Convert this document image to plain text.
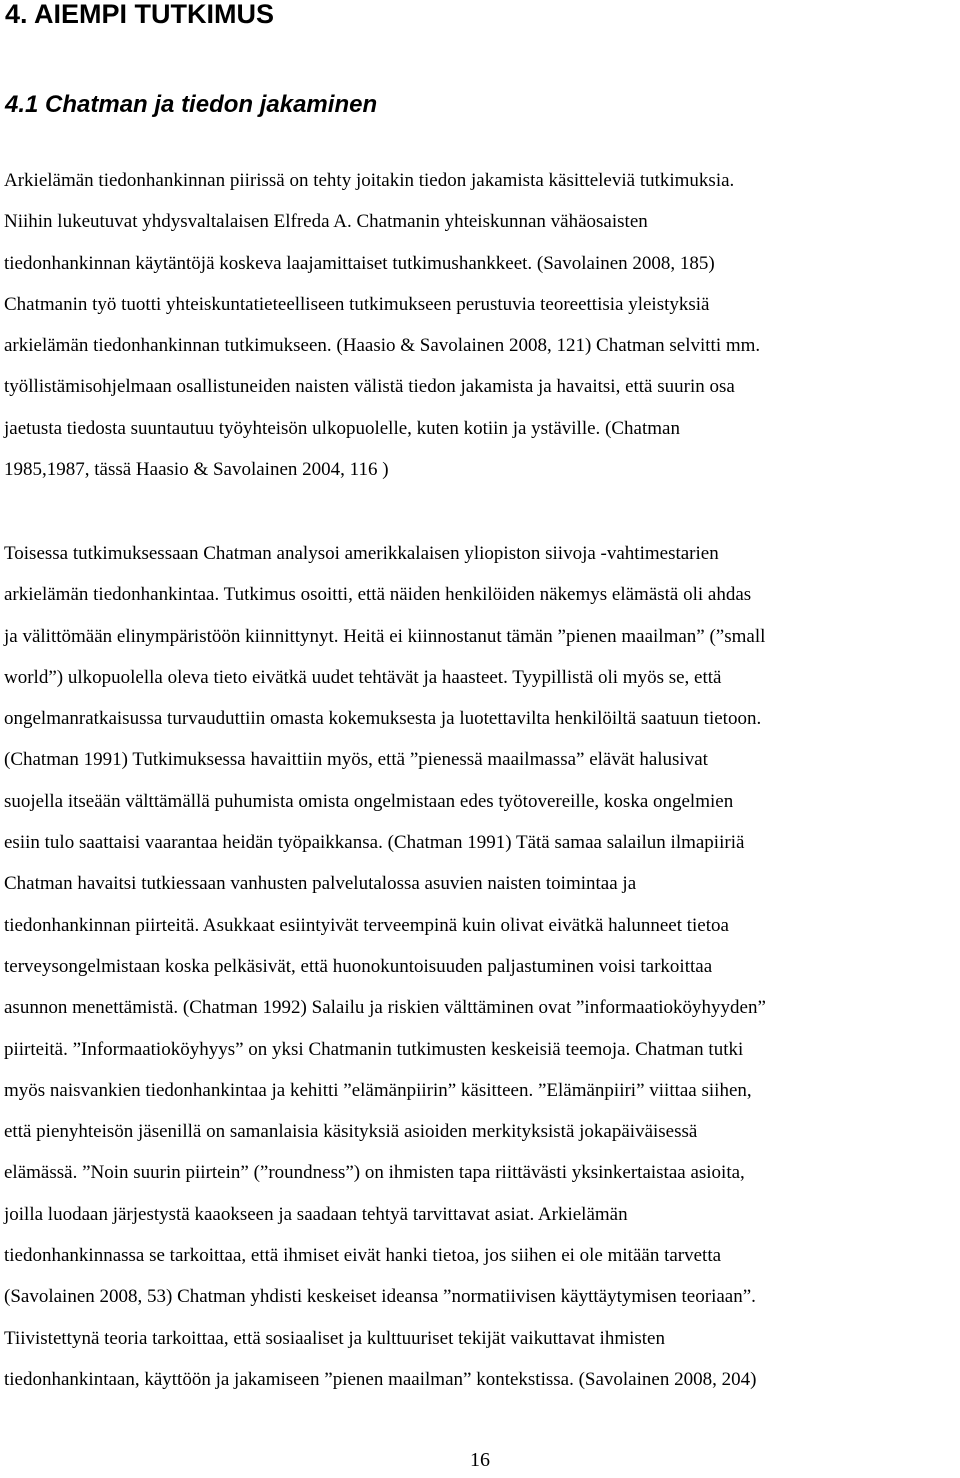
4. AIEMPI TUTKIMUS
4.1 Chatman ja tiedon jakaminen
Arkielämän tiedonhankinnan piirissä on tehty joitakin tiedon jakamista käsitteleviä tutkimuksia.
Niihin lukeutuvat yhdysvaltalaisen Elfreda A. Chatmanin yhteiskunnan vähäosaisten
tiedonhankinnan käytäntöjä koskeva laajamittaiset tutkimushankkeet. (Savolainen 2008, 185)
Chatmanin työ tuotti yhteiskuntatieteelliseen tutkimukseen perustuvia teoreettisia yleistyksiä
arkielämän tiedonhankinnan tutkimukseen. (Haasio & Savolainen 2008, 121) Chatman selvitti mm.
työllistämisohjelmaan osallistuneiden naisten välistä tiedon jakamista ja havaitsi, että suurin osa
jaetusta tiedosta suuntautuu työyhteisön ulkopuolelle, kuten kotiin ja ystäville. (Chatman
1985,1987, tässä Haasio & Savolainen 2004, 116 )
Toisessa tutkimuksessaan Chatman analysoi amerikkalaisen yliopiston siivoja -vahtimestarien
arkielämän tiedonhankintaa. Tutkimus osoitti, että näiden henkilöiden näkemys elämästä oli ahdas
ja välittömään elinympäristöön kiinnittynyt. Heitä ei kiinnostanut tämän ”pienen maailman” (”small
world”) ulkopuolella oleva tieto eivätkä uudet tehtävät ja haasteet. Tyypillistä oli myös se, että
ongelmanratkaisussa turvauduttiin omasta kokemuksesta ja luotettavilta henkilöiltä saatuun tietoon.
(Chatman 1991) Tutkimuksessa havaittiin myös, että ”pienessä maailmassa” elävät halusivat
suojella itseään välttämällä puhumista omista ongelmistaan edes työtovereille, koska ongelmien
esiin tulo saattaisi vaarantaa heidän työpaikkansa. (Chatman 1991) Tätä samaa salailun ilmapiiriä
Chatman havaitsi tutkiessaan vanhusten palvelutalossa asuvien naisten toimintaa ja
tiedonhankinnan piirteitä. Asukkaat esiintyivät terveempinä kuin olivat eivätkä halunneet tietoa
terveysongelmistaan koska pelkäsivät, että huonokuntoisuuden paljastuminen voisi tarkoittaa
asunnon menettämistä. (Chatman 1992) Salailu ja riskien välttäminen ovat ”informaatioköyhyyden”
piirteitä. ”Informaatioköyhyys” on yksi Chatmanin tutkimusten keskeisiä teemoja. Chatman tutki
myös naisvankien tiedonhankintaa ja kehitti ”elämänpiirin” käsitteen. ”Elämänpiiri” viittaa siihen,
että pienyhteisön jäsenillä on samanlaisia käsityksiä asioiden merkityksistä jokapäiväisessä
elämässä. ”Noin suurin piirtein” (”roundness”) on ihmisten tapa riittävästi yksinkertaistaa asioita,
joilla luodaan järjestystä kaaokseen ja saadaan tehtyä tarvittavat asiat. Arkielämän
tiedonhankinnassa se tarkoittaa, että ihmiset eivät hanki tietoa, jos siihen ei ole mitään tarvetta
(Savolainen 2008, 53) Chatman yhdisti keskeiset ideansa ”normatiivisen käyttäytymisen teoriaan”.
Tiivistettynä teoria tarkoittaa, että sosiaaliset ja kulttuuriset tekijät vaikuttavat ihmisten
tiedonhankintaan, käyttöön ja jakamiseen ”pienen maailman” kontekstissa. (Savolainen 2008, 204)

16
